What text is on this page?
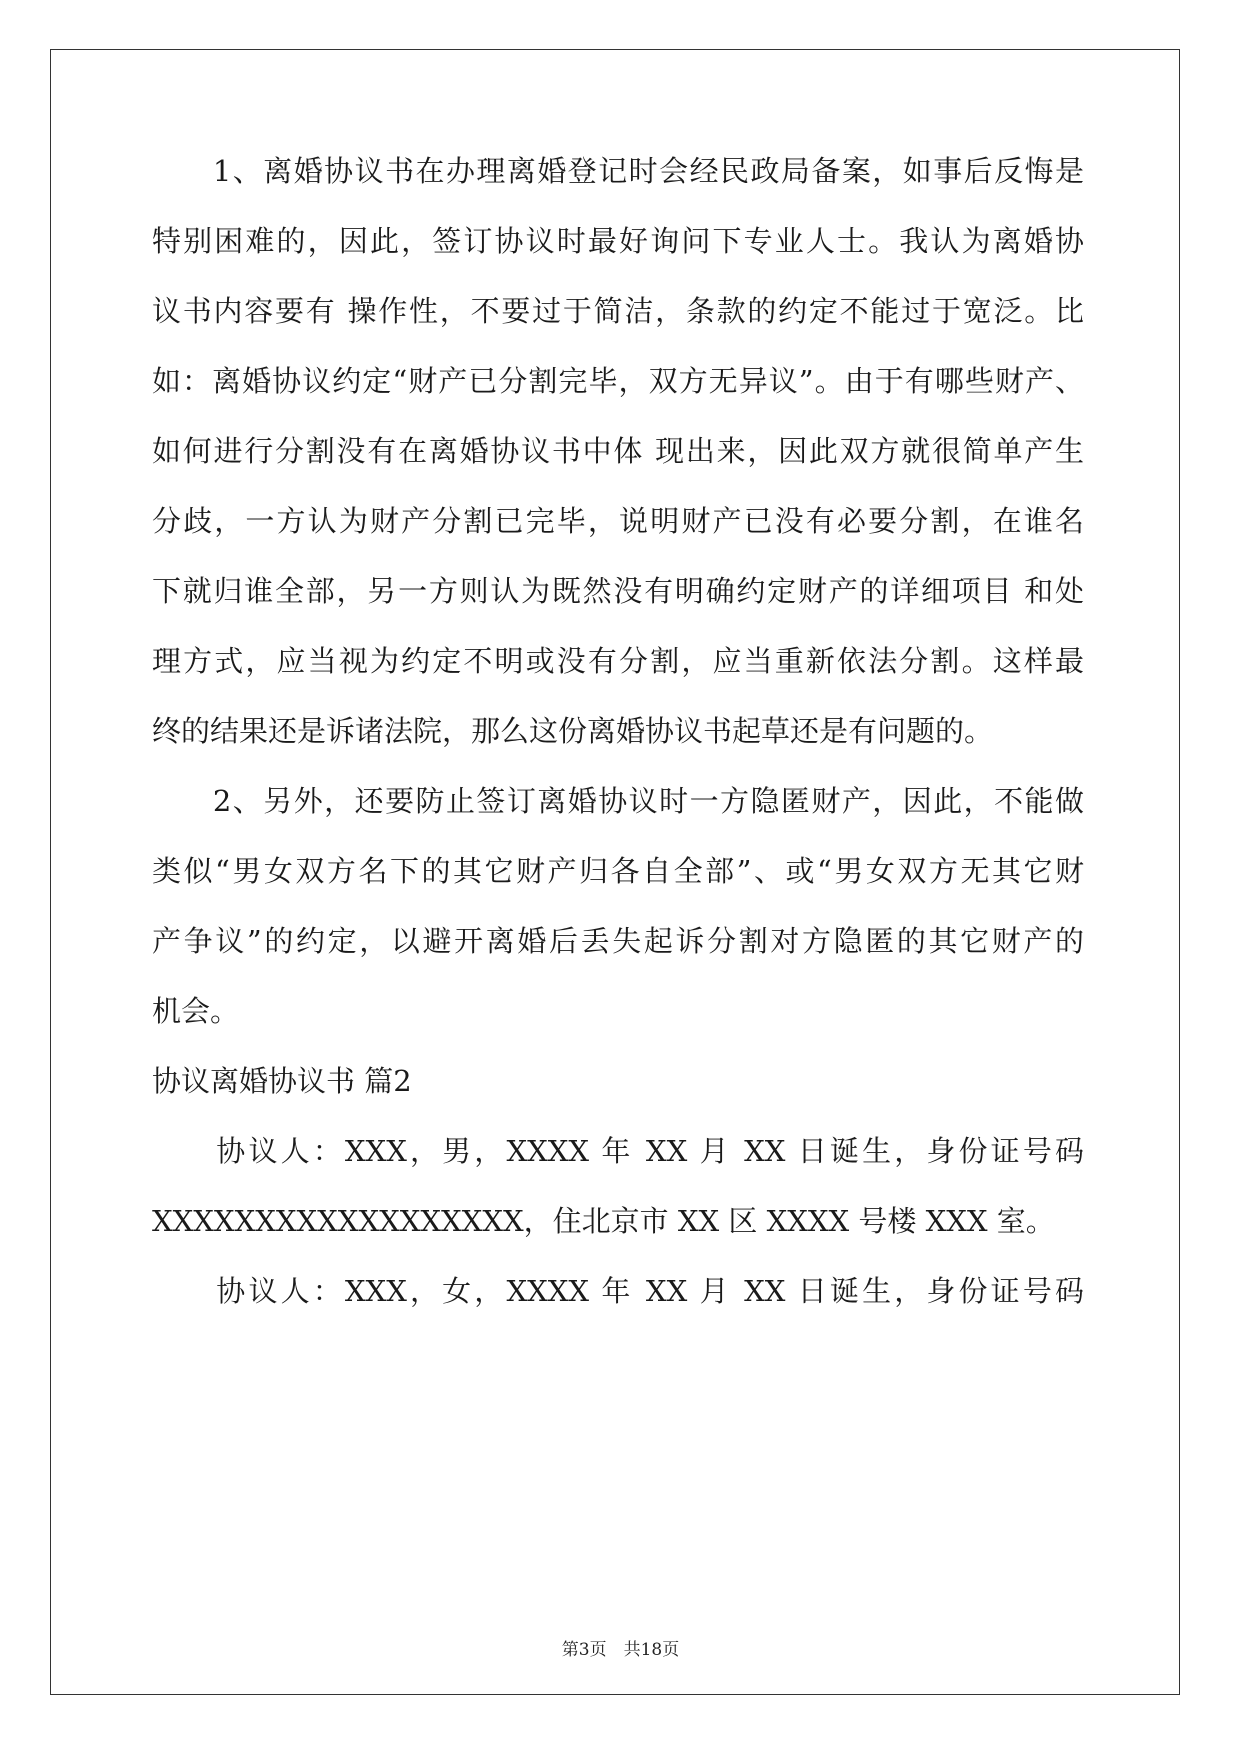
　　1、离婚协议书在办理离婚登记时会经民政局备案，如事后反悔是
特别困难的，因此，签订协议时最好询问下专业人士。我认为离婚协
议书内容要有 操作性，不要过于简洁，条款的约定不能过于宽泛。比
如：离婚协议约定“财产已分割完毕，双方无异议”。由于有哪些财产、
如何进行分割没有在离婚协议书中体 现出来，因此双方就很简单产生
分歧，一方认为财产分割已完毕，说明财产已没有必要分割，在谁名
下就归谁全部，另一方则认为既然没有明确约定财产的详细项目 和处
理方式，应当视为约定不明或没有分割，应当重新依法分割。这样最
终的结果还是诉诸法院，那么这份离婚协议书起草还是有问题的。
　　2、另外，还要防止签订离婚协议时一方隐匿财产，因此，不能做
类似“男女双方名下的其它财产归各自全部”、或“男女双方无其它财
产争议”的约定，以避开离婚后丢失起诉分割对方隐匿的其它财产的
机会。
协议离婚协议书 篇2
　　协议人：XXX，男，XXXX 年 XX 月 XX 日诞生，身份证号码
XXXXXXXXXXXXXXXXXX，住北京市 XX 区 XXXX 号楼 XXX 室。
　　协议人：XXX，女，XXXX 年 XX 月 XX 日诞生，身份证号码
第3页　共18页
